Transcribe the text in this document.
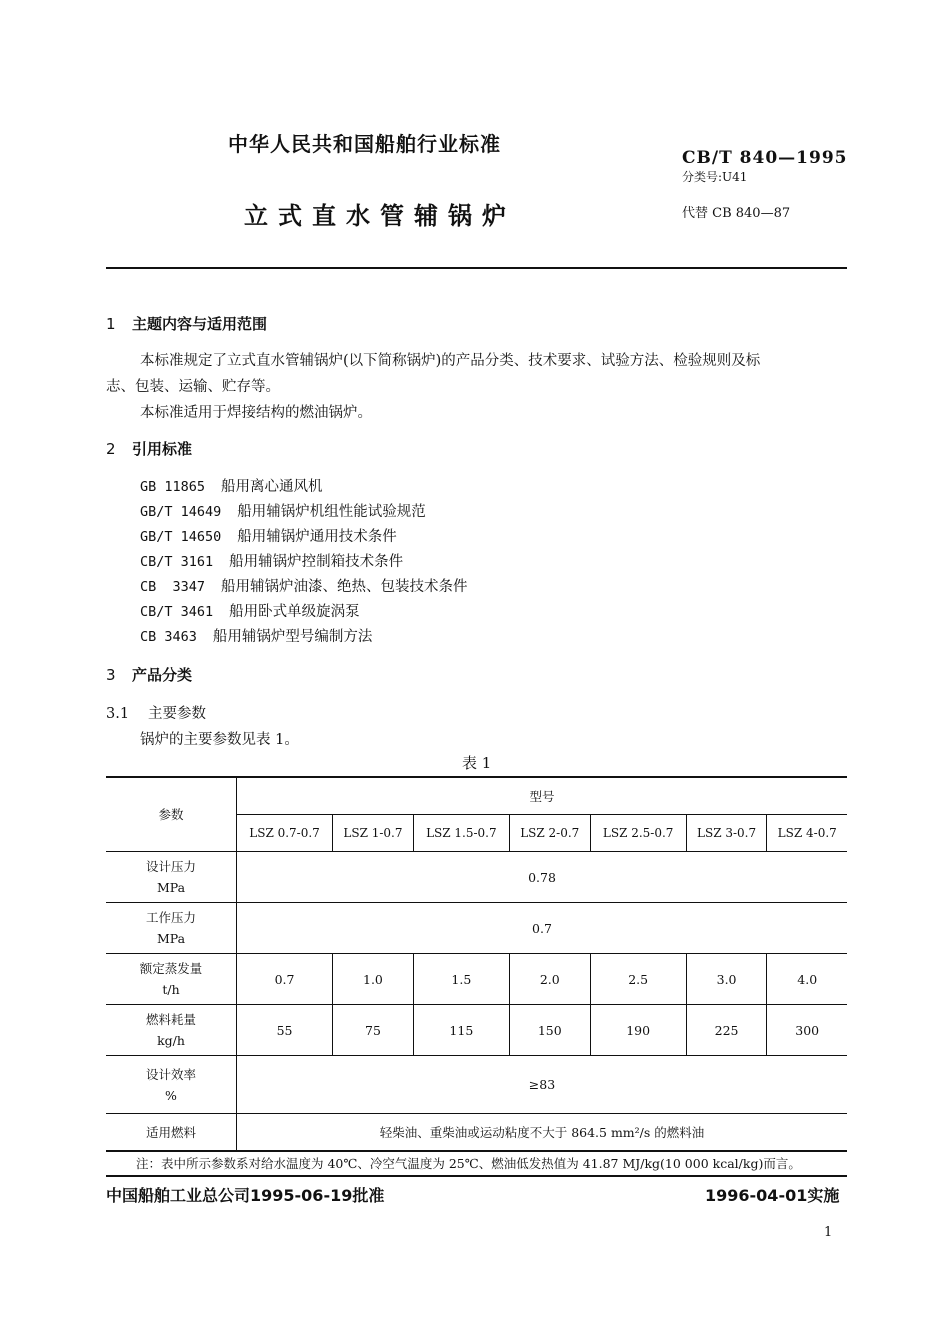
中华人民共和国船舶行业标准
立式直水管辅锅炉
CB/T 840—1995
分类号:U41
代替 CB 840—87
1 主题内容与适用范围
本标准规定了立式直水管辅锅炉(以下简称锅炉)的产品分类、技术要求、试验方法、检验规则及标
志、包装、运输、贮存等。
本标准适用于焊接结构的燃油锅炉。
2 引用标准
GB 11865 船用离心通风机
GB/T 14649 船用辅锅炉机组性能试验规范
GB/T 14650 船用辅锅炉通用技术条件
CB/T 3161 船用辅锅炉控制箱技术条件
CB  3347 船用辅锅炉油漆、绝热、包装技术条件
CB/T 3461 船用卧式单级旋涡泵
CB 3463 船用辅锅炉型号编制方法
3 产品分类
3.1 主要参数
锅炉的主要参数见表 1。
表 1
参数	型号						
	LSZ 0.7-0.7	LSZ 1-0.7	LSZ 1.5-0.7	LSZ 2-0.7	LSZ 2.5-0.7	LSZ 3-0.7	LSZ 4-0.7
设计压力
MPa	0.78						
工作压力
MPa	0.7						
额定蒸发量
t/h	0.7	1.0	1.5	2.0	2.5	3.0	4.0
燃料耗量
kg/h	55	75	115	150	190	225	300
设计效率
%	≥83						
适用燃料	轻柴油、重柴油或运动粘度不大于 864.5 mm²/s 的燃料油						
注：表中所示参数系对给水温度为 40℃、冷空气温度为 25℃、燃油低发热值为 41.87 MJ/kg(10 000 kcal/kg)而言。
中国船舶工业总公司1995-06-19批准	1996-04-01实施
1
